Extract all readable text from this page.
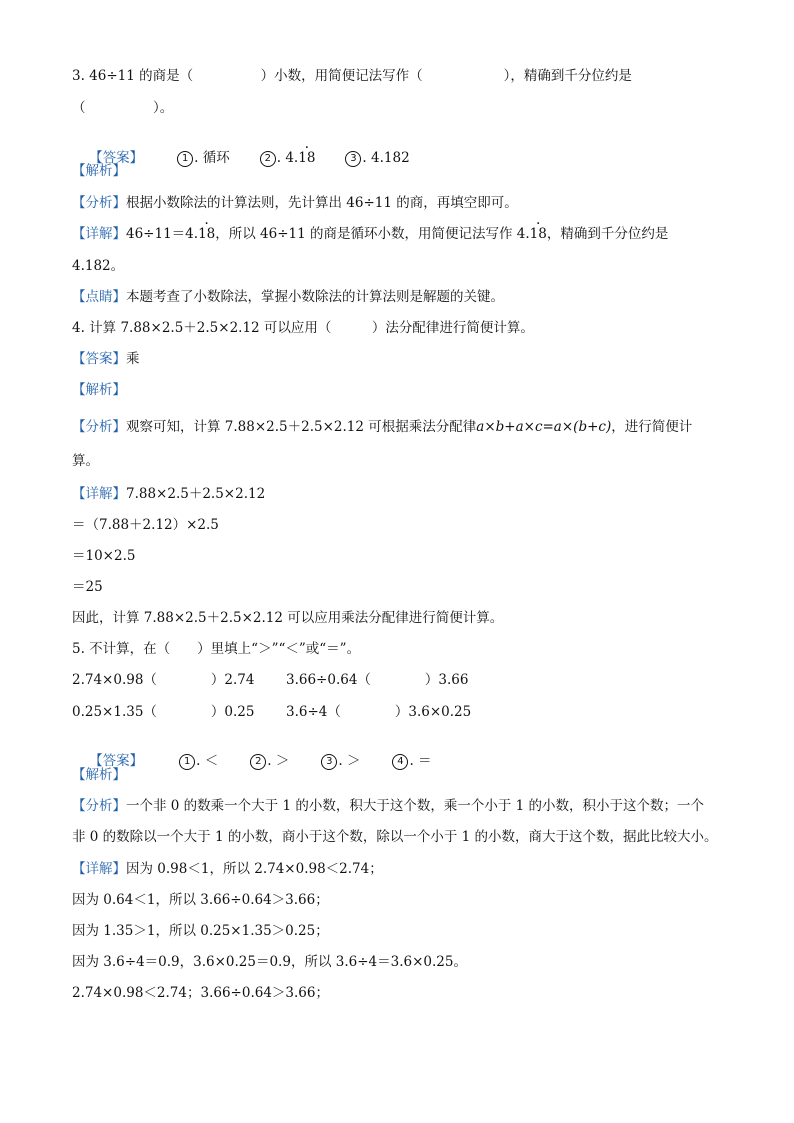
3. 46÷11 的商是（　　　　　）小数，用简便记法写作（　　　　　　），精确到千分位约是
（　　　　　）。

【答案】	1 . 循环	2 . 4.· 18	3 . 4.182

【解析】
【分析】根据小数除法的计算法则，先计算出 46÷11 的商，再填空即可。
【详解】46÷11＝4.· 18，所以 46÷11 的商是循环小数，用简便记法写作 4.· 18，精确到千分位约是
4.182。
【点睛】本题考查了小数除法，掌握小数除法的计算法则是解题的关键。
4. 计算 7.88×2.5＋2.5×2.12 可以应用（　　　）法分配律进行简便计算。
【答案】乘
【解析】
【分析】观察可知，计算 7.88×2.5＋2.5×2.12 可根据乘法分配律a×b+a×c=a×(b+c)，进行简便计
算。
【详解】7.88×2.5＋2.5×2.12
＝（7.88＋2.12）×2.5
＝10×2.5
＝25
因此，计算 7.88×2.5＋2.5×2.12 可以应用乘法分配律进行简便计算。
5. 不计算，在（　　）里填上“＞”“＜”或“＝”。
2.74×0.98（　　　　）2.74 3.66÷0.64（　　　　）3.66
0.25×1.35（　　　　）0.25 3.6÷4（　　　　）3.6×0.25

【答案】	1 . ＜	2 . ＞	3 . ＞	4 . ＝

【解析】
【分析】一个非 0 的数乘一个大于 1 的小数，积大于这个数，乘一个小于 1 的小数，积小于这个数；一个
非 0 的数除以一个大于 1 的小数，商小于这个数，除以一个小于 1 的小数，商大于这个数，据此比较大小。
【详解】因为 0.98＜1，所以 2.74×0.98＜2.74；
因为 0.64＜1，所以 3.66÷0.64＞3.66；
因为 1.35＞1，所以 0.25×1.35＞0.25；
因为 3.6÷4＝0.9，3.6×0.25＝0.9，所以 3.6÷4＝3.6×0.25。
2.74×0.98＜2.74；3.66÷0.64＞3.66；
